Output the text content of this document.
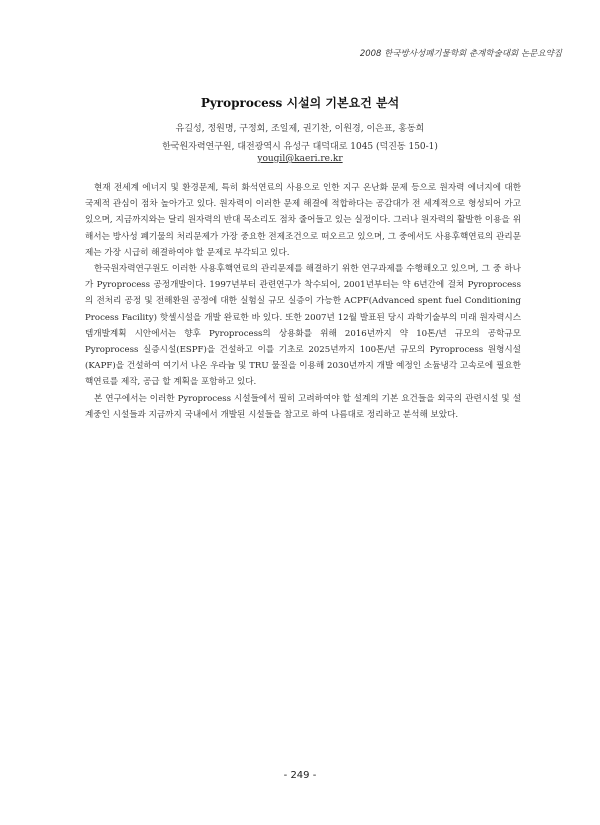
2008 한국방사성폐기물학회 춘계학술대회 논문요약집
Pyroprocess 시설의 기본요건 분석
유길성, 정원명, 구정회, 조일제, 권기찬, 이원경, 이은표, 홍동희
한국원자력연구원, 대전광역시 유성구 대덕대로 1045 (덕진동 150-1)
yougil@kaeri.re.kr

현재 전세계 에너지 및 환경문제, 특히 화석연료의 사용으로 인한 지구 온난화 문제 등으로 원자력 에너지에 대한 국제적 관심이 점차 높아가고 있다. 원자력이 이러한 문제 해결에 적합하다는 공감대가 전 세계적으로 형성되어 가고 있으며, 지금까지와는 달리 원자력의 반대 목소리도 점차 줄어들고 있는 실정이다. 그러나 원자력의 활발한 이용을 위해서는 방사성 폐기물의 처리문제가 가장 중요한 전제조건으로 떠오르고 있으며, 그 중에서도 사용후핵연료의 관리문제는 가장 시급히 해결하여야 할 문제로 부각되고 있다.

한국원자력연구원도 이러한 사용후핵연료의 관리문제를 해결하기 위한 연구과제를 수행해오고 있으며, 그 중 하나가 Pyroprocess 공정개발이다. 1997년부터 관련연구가 착수되어, 2001년부터는 약 6년간에 걸쳐 Pyroprocess의 전처리 공정 및 전해환원 공정에 대한 실험실 규모 실증이 가능한 ACPF(Advanced spent fuel Conditioning Process Facility) 핫셀시설을 개발 완료한 바 있다. 또한 2007년 12월 발표된 당시 과학기술부의 미래 원자력시스템개발계획 시안에서는 향후 Pyroprocess의 상용화를 위해 2016년까지 약 10톤/년 규모의 공학규모 Pyroprocess 실증시설(ESPF)을 건설하고 이를 기초로 2025년까지 100톤/년 규모의 Pyroprocess 원형시설(KAPF)을 건설하여 여기서 나온 우라늄 및 TRU 물질을 이용해 2030년까지 개발 예정인 소듐냉각 고속로에 필요한 핵연료를 제작, 공급 할 계획을 포함하고 있다.

본 연구에서는 이러한 Pyroprocess 시설들에서 필히 고려하여야 할 설계의 기본 요건들을 외국의 관련시설 및 설계중인 시설들과 지금까지 국내에서 개발된 시설들을 참고로 하여 나름대로 정리하고 분석해 보았다.

- 249 -
